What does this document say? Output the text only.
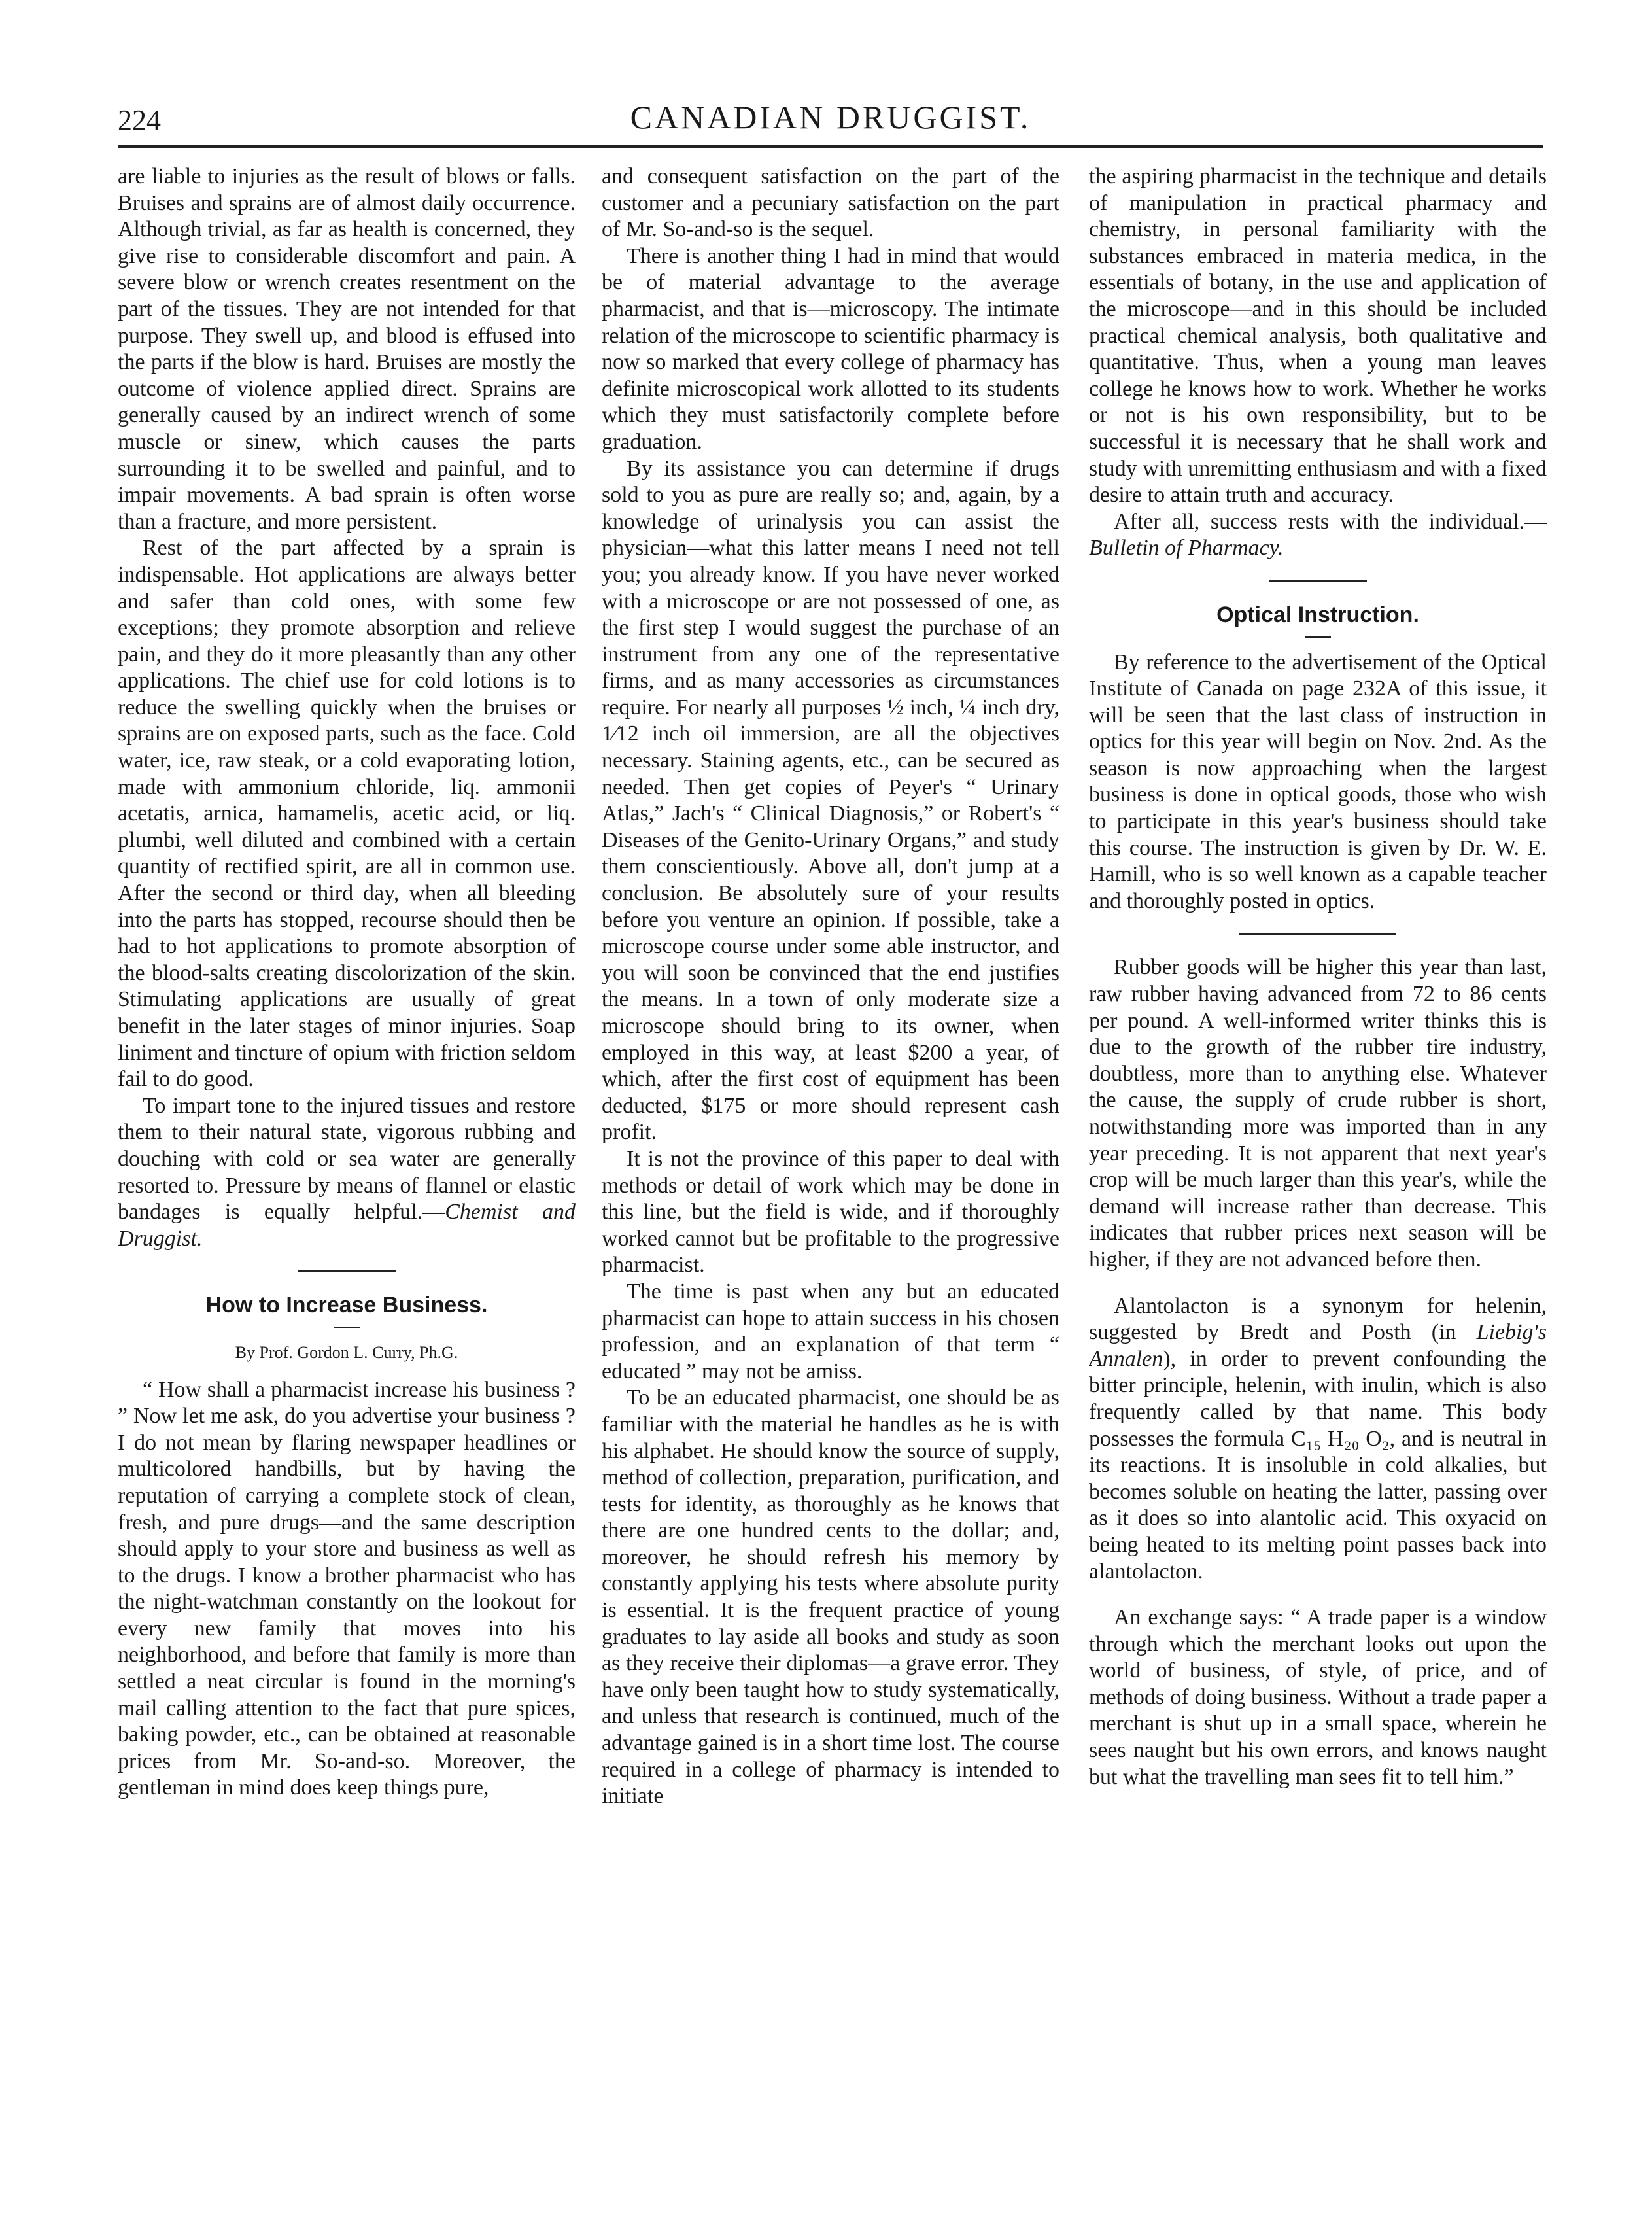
224	CANADIAN DRUGGIST.

are liable to injuries as the result of blows or falls. Bruises and sprains are of almost daily occurrence. Although trivial, as far as health is concerned, they give rise to considerable discomfort and pain. A severe blow or wrench creates resentment on the part of the tissues. They are not intended for that purpose. They swell up, and blood is effused into the parts if the blow is hard. Bruises are mostly the outcome of violence applied direct. Sprains are generally caused by an indirect wrench of some muscle or sinew, which causes the parts surrounding it to be swelled and painful, and to impair movements. A bad sprain is often worse than a fracture, and more persistent.

Rest of the part affected by a sprain is indispensable. Hot applications are always better and safer than cold ones, with some few exceptions; they promote absorption and relieve pain, and they do it more pleasantly than any other applications. The chief use for cold lotions is to reduce the swelling quickly when the bruises or sprains are on exposed parts, such as the face. Cold water, ice, raw steak, or a cold evaporating lotion, made with ammonium chloride, liq. ammonii acetatis, arnica, hamamelis, acetic acid, or liq. plumbi, well diluted and combined with a certain quantity of rectified spirit, are all in common use. After the second or third day, when all bleeding into the parts has stopped, recourse should then be had to hot applications to promote absorption of the blood-salts creating discolorization of the skin. Stimulating applications are usually of great benefit in the later stages of minor injuries. Soap liniment and tincture of opium with friction seldom fail to do good.

To impart tone to the injured tissues and restore them to their natural state, vigorous rubbing and douching with cold or sea water are generally resorted to. Pressure by means of flannel or elastic bandages is equally helpful.—Chemist and Druggist.

How to Increase Business.
By Prof. Gordon L. Curry, Ph.G.

“ How shall a pharmacist increase his business ? ” Now let me ask, do you advertise your business ? I do not mean by flaring newspaper headlines or multicolored handbills, but by having the reputation of carrying a complete stock of clean, fresh, and pure drugs—and the same description should apply to your store and business as well as to the drugs. I know a brother pharmacist who has the night-watchman constantly on the lookout for every new family that moves into his neighborhood, and before that family is more than settled a neat circular is found in the morning's mail calling attention to the fact that pure spices, baking powder, etc., can be obtained at reasonable prices from Mr. So-and-so. Moreover, the gentleman in mind does keep things pure,

and consequent satisfaction on the part of the customer and a pecuniary satisfaction on the part of Mr. So-and-so is the sequel.

There is another thing I had in mind that would be of material advantage to the average pharmacist, and that is—microscopy. The intimate relation of the microscope to scientific pharmacy is now so marked that every college of pharmacy has definite microscopical work allotted to its students which they must satisfactorily complete before graduation.

By its assistance you can determine if drugs sold to you as pure are really so; and, again, by a knowledge of urinalysis you can assist the physician—what this latter means I need not tell you; you already know. If you have never worked with a microscope or are not possessed of one, as the first step I would suggest the purchase of an instrument from any one of the representative firms, and as many accessories as circumstances require. For nearly all purposes ½ inch, ¼ inch dry, 1⁄12 inch oil immersion, are all the objectives necessary. Staining agents, etc., can be secured as needed. Then get copies of Peyer's “ Urinary Atlas,” Jach's “ Clinical Diagnosis,” or Robert's “ Diseases of the Genito-Urinary Organs,” and study them conscientiously. Above all, don't jump at a conclusion. Be absolutely sure of your results before you venture an opinion. If possible, take a microscope course under some able instructor, and you will soon be convinced that the end justifies the means. In a town of only moderate size a microscope should bring to its owner, when employed in this way, at least $200 a year, of which, after the first cost of equipment has been deducted, $175 or more should represent cash profit.

It is not the province of this paper to deal with methods or detail of work which may be done in this line, but the field is wide, and if thoroughly worked cannot but be profitable to the progressive pharmacist.

The time is past when any but an educated pharmacist can hope to attain success in his chosen profession, and an explanation of that term “ educated ” may not be amiss.

To be an educated pharmacist, one should be as familiar with the material he handles as he is with his alphabet. He should know the source of supply, method of collection, preparation, purification, and tests for identity, as thoroughly as he knows that there are one hundred cents to the dollar; and, moreover, he should refresh his memory by constantly applying his tests where absolute purity is essential. It is the frequent practice of young graduates to lay aside all books and study as soon as they receive their diplomas—a grave error. They have only been taught how to study systematically, and unless that research is continued, much of the advantage gained is in a short time lost. The course required in a college of pharmacy is intended to initiate

the aspiring pharmacist in the technique and details of manipulation in practical pharmacy and chemistry, in personal familiarity with the substances embraced in materia medica, in the essentials of botany, in the use and application of the microscope—and in this should be included practical chemical analysis, both qualitative and quantitative. Thus, when a young man leaves college he knows how to work. Whether he works or not is his own responsibility, but to be successful it is necessary that he shall work and study with unremitting enthusiasm and with a fixed desire to attain truth and accuracy.

After all, success rests with the individual.—Bulletin of Pharmacy.

Optical Instruction.

By reference to the advertisement of the Optical Institute of Canada on page 232A of this issue, it will be seen that the last class of instruction in optics for this year will begin on Nov. 2nd. As the season is now approaching when the largest business is done in optical goods, those who wish to participate in this year's business should take this course. The instruction is given by Dr. W. E. Hamill, who is so well known as a capable teacher and thoroughly posted in optics.

Rubber goods will be higher this year than last, raw rubber having advanced from 72 to 86 cents per pound. A well-informed writer thinks this is due to the growth of the rubber tire industry, doubtless, more than to anything else. Whatever the cause, the supply of crude rubber is short, notwithstanding more was imported than in any year preceding. It is not apparent that next year's crop will be much larger than this year's, while the demand will increase rather than decrease. This indicates that rubber prices next season will be higher, if they are not advanced before then.

Alantolacton is a synonym for helenin, suggested by Bredt and Posth (in Liebig's Annalen), in order to prevent confounding the bitter principle, helenin, with inulin, which is also frequently called by that name. This body possesses the formula C₁₅ H₂₀ O₂, and is neutral in its reactions. It is insoluble in cold alkalies, but becomes soluble on heating the latter, passing over as it does so into alantolic acid. This oxyacid on being heated to its melting point passes back into alantolacton.

An exchange says: “ A trade paper is a window through which the merchant looks out upon the world of business, of style, of price, and of methods of doing business. Without a trade paper a merchant is shut up in a small space, wherein he sees naught but his own errors, and knows naught but what the travelling man sees fit to tell him.”
